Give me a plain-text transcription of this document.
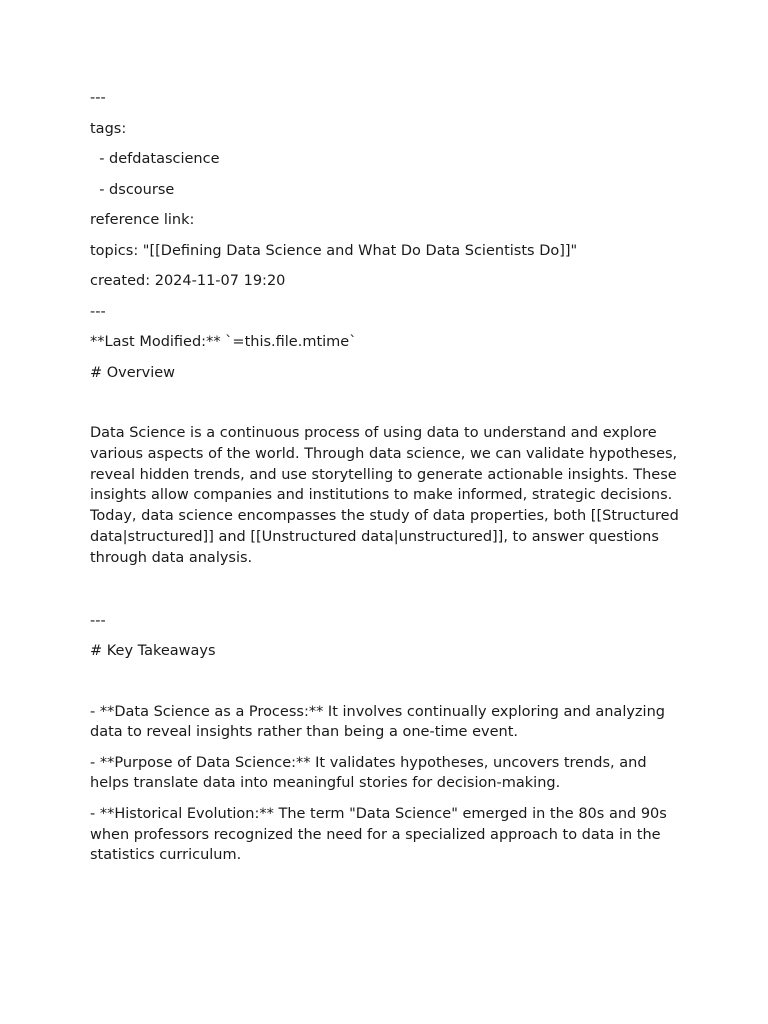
---
tags:
- defdatascience
- dscourse
reference link:
topics: "[[Defining Data Science and What Do Data Scientists Do]]"
created: 2024-11-07 19:20
---
**Last Modified:** `=this.file.mtime`
# Overview

Data Science is a continuous process of using data to understand and explore various aspects of the world. Through data science, we can validate hypotheses, reveal hidden trends, and use storytelling to generate actionable insights. These insights allow companies and institutions to make informed, strategic decisions. Today, data science encompasses the study of data properties, both [[Structured data|structured]] and [[Unstructured data|unstructured]], to answer questions through data analysis.

---
# Key Takeaways
- **Data Science as a Process:** It involves continually exploring and analyzing data to reveal insights rather than being a one-time event.
- **Purpose of Data Science:** It validates hypotheses, uncovers trends, and helps translate data into meaningful stories for decision-making.
- **Historical Evolution:** The term "Data Science" emerged in the 80s and 90s when professors recognized the need for a specialized approach to data in the statistics curriculum.
